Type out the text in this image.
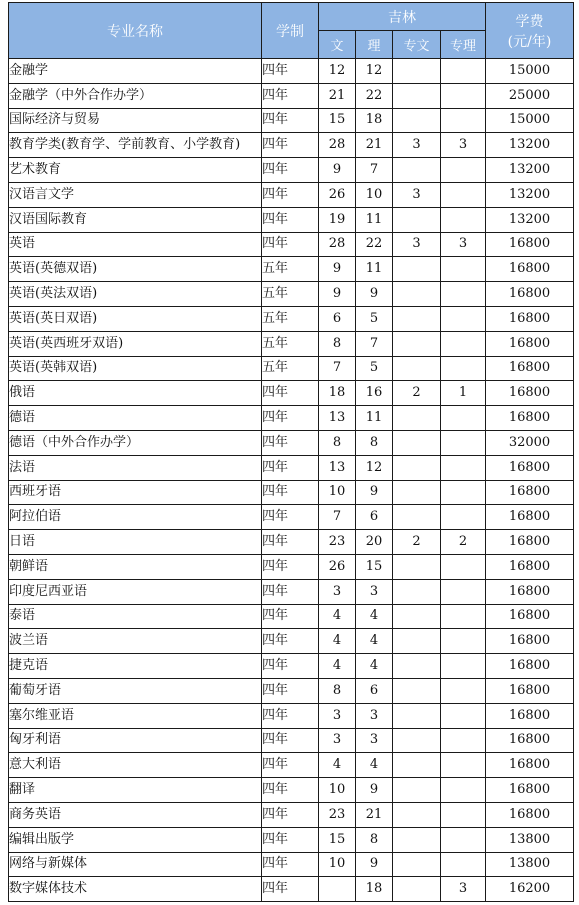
专业名称	学制	吉林				学费
(元/年)

		文	理	专文	专理	
金融学	四年	12	12			15000
金融学（中外合作办学）	四年	21	22			25000
国际经济与贸易	四年	15	18			15000
教育学类(教育学、学前教育、小学教育)	四年	28	21	3	3	13200
艺术教育	四年	9	7			13200
汉语言文学	四年	26	10	3		13200
汉语国际教育	四年	19	11			13200
英语	四年	28	22	3	3	16800
英语(英德双语)	五年	9	11			16800
英语(英法双语)	五年	9	9			16800
英语(英日双语)	五年	6	5			16800
英语(英西班牙双语)	五年	8	7			16800
英语(英韩双语)	五年	7	5			16800
俄语	四年	18	16	2	1	16800
德语	四年	13	11			16800
德语（中外合作办学）	四年	8	8			32000
法语	四年	13	12			16800
西班牙语	四年	10	9			16800
阿拉伯语	四年	7	6			16800
日语	四年	23	20	2	2	16800
朝鲜语	四年	26	15			16800
印度尼西亚语	四年	3	3			16800
泰语	四年	4	4			16800
波兰语	四年	4	4			16800
捷克语	四年	4	4			16800
葡萄牙语	四年	8	6			16800
塞尔维亚语	四年	3	3			16800
匈牙利语	四年	3	3			16800
意大利语	四年	4	4			16800
翻译	四年	10	9			16800
商务英语	四年	23	21			16800
编辑出版学	四年	15	8			13800
网络与新媒体	四年	10	9			13800
数字媒体技术	四年		18		3	16200
